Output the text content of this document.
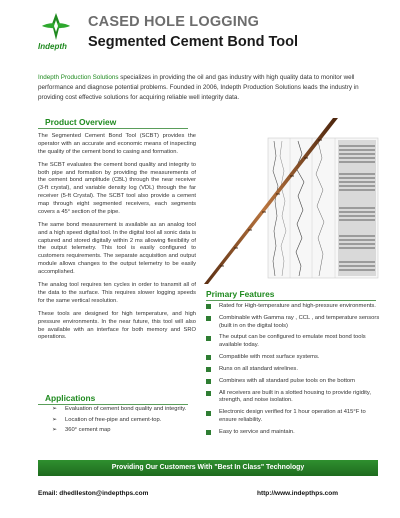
Indepth
CASED HOLE LOGGING
Segmented Cement Bond Tool
Indepth Production Solutions specializes in providing the oil and gas industry with high quality data to monitor well performance and diagnose potential problems. Founded in 2006, Indepth Production Solutions leads the industry in providing cost effective solutions for acquiring reliable well integrity data.
Product Overview

The Segmented Cement Bond Tool (SCBT) provides the operator with an accurate and economic means of inspecting the quality of the cement bond to casing and formation.

The SCBT evaluates the cement bond quality and integrity to both pipe and formation by providing the measurements of the cement bond amplitude (CBL) through the near receiver (3-ft crystal), and variable density log (VDL) through the far receiver (5-ft Crystal). The SCBT tool also provide a cement map through eight segmented receivers, each segments covers a 45° section of the pipe.

The same bond measurement is available as an analog tool and a high speed digital tool. In the digital tool all sonic data is captured and stored digitally within 2 ms allowing flexibility of the output telemetry. This tool is easily configured to customers requirements. The separate acquisition and output module allows changes to the output telemetry to be easily accomplished.

The analog tool requires ten cycles in order to transmit all of the data to the surface. This requires slower logging speeds for the same vertical resolution.

These tools are designed for high temperature, and high pressure environments. In the near future, this tool will also be available with an interface for both memory and SRO operations.

Primary Features
Rated for High-temperature and high-pressure environments.
Combinable with Gamma ray , CCL , and temperature sensors (built in on the digital tools)
The output can be configured to emulate most bond tools available today.
Compatible with most surface systems.
Runs on all standard wirelines.
Combines with all standard pulse tools on the bottom
All receivers are built in a slotted housing to provide rigidity, strength, and noise isolation.
Electronic design verified for 1 hour operation at 415°F to ensure reliability.
Easy to service and maintain.
Applications
➢ Evaluation of cement bond quality and integrity.
➢ Location of free-pipe and cement-top.
➢ 360° cement map
Providing Our Customers With "Best In Class" Technology
Email: dhedlleston@indepthps.com	http://www.indepthps.com
